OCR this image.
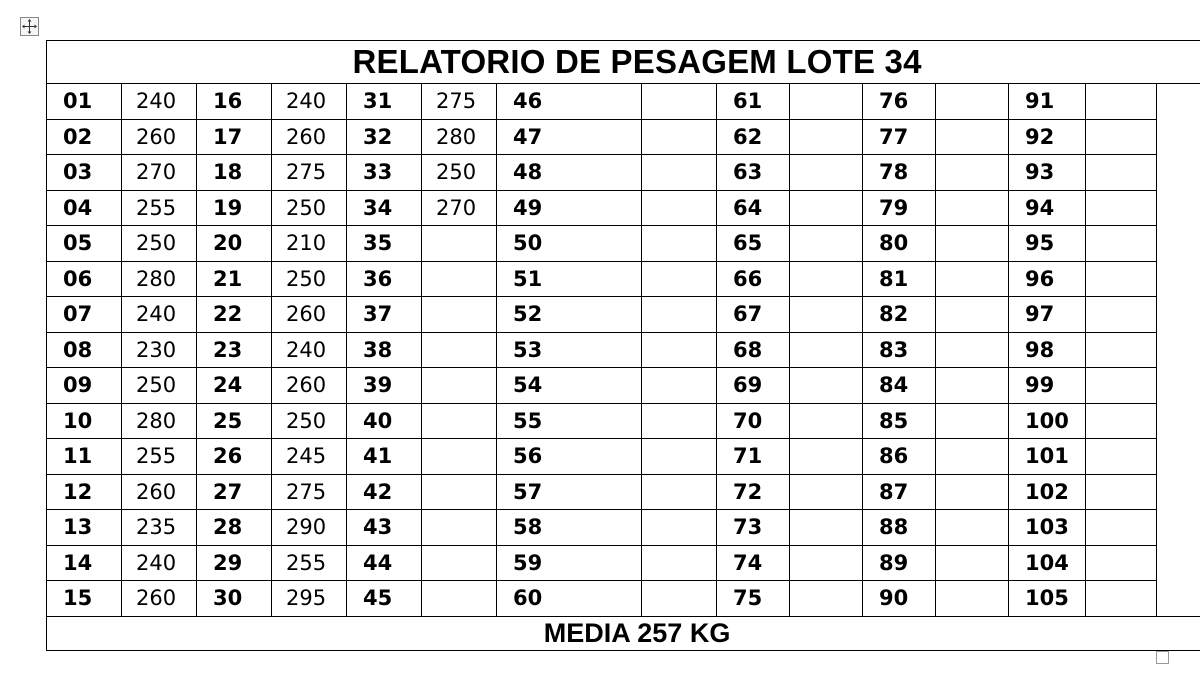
RELATORIO DE PESAGEM LOTE 34													
01	240	16	240	31	275	46		61		76		91	
02	260	17	260	32	280	47		62		77		92	
03	270	18	275	33	250	48		63		78		93	
04	255	19	250	34	270	49		64		79		94	
05	250	20	210	35		50		65		80		95	
06	280	21	250	36		51		66		81		96	
07	240	22	260	37		52		67		82		97	
08	230	23	240	38		53		68		83		98	
09	250	24	260	39		54		69		84		99	
10	280	25	250	40		55		70		85		100	
11	255	26	245	41		56		71		86		101	
12	260	27	275	42		57		72		87		102	
13	235	28	290	43		58		73		88		103	
14	240	29	255	44		59		74		89		104	
15	260	30	295	45		60		75		90		105	
MEDIA 257 KG													
